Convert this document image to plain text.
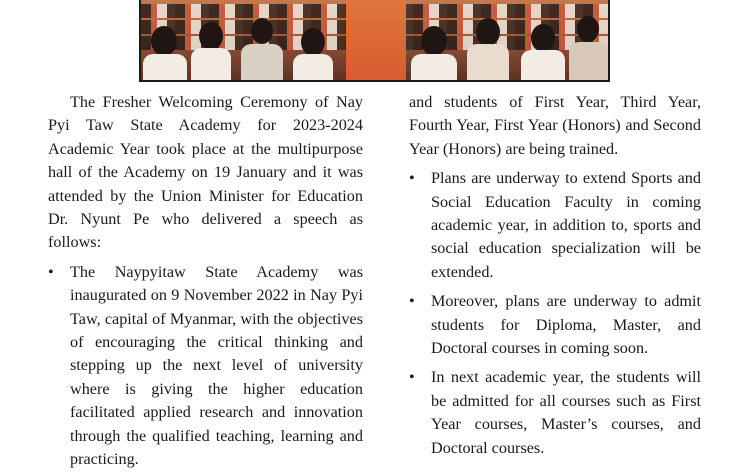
The Fresher Welcoming Ceremony of Nay Pyi Taw State Academy for 2023-2024 Academic Year took place at the multipurpose hall of the Academy on 19 January and it was attended by the Union Minister for Education Dr. Nyunt Pe who delivered a speech as follows:

• The Naypyitaw State Academy was inaugurated on 9 November 2022 in Nay Pyi Taw, capital of Myanmar, with the objectives of encouraging the critical thinking and stepping up the next level of university where is giving the higher education facilitated applied research and innovation through the qualified teaching, learning and practicing.

and students of First Year, Third Year, Fourth Year, First Year (Honors) and Second Year (Honors) are being trained.

• Plans are underway to extend Sports and Social Education Faculty in coming academic year, in addition to, sports and social education specialization will be extended.
• Moreover, plans are underway to admit students for Diploma, Master, and Doctoral courses in coming soon.
• In next academic year, the students will be admitted for all courses such as First Year courses, Master’s courses, and Doctoral courses.
